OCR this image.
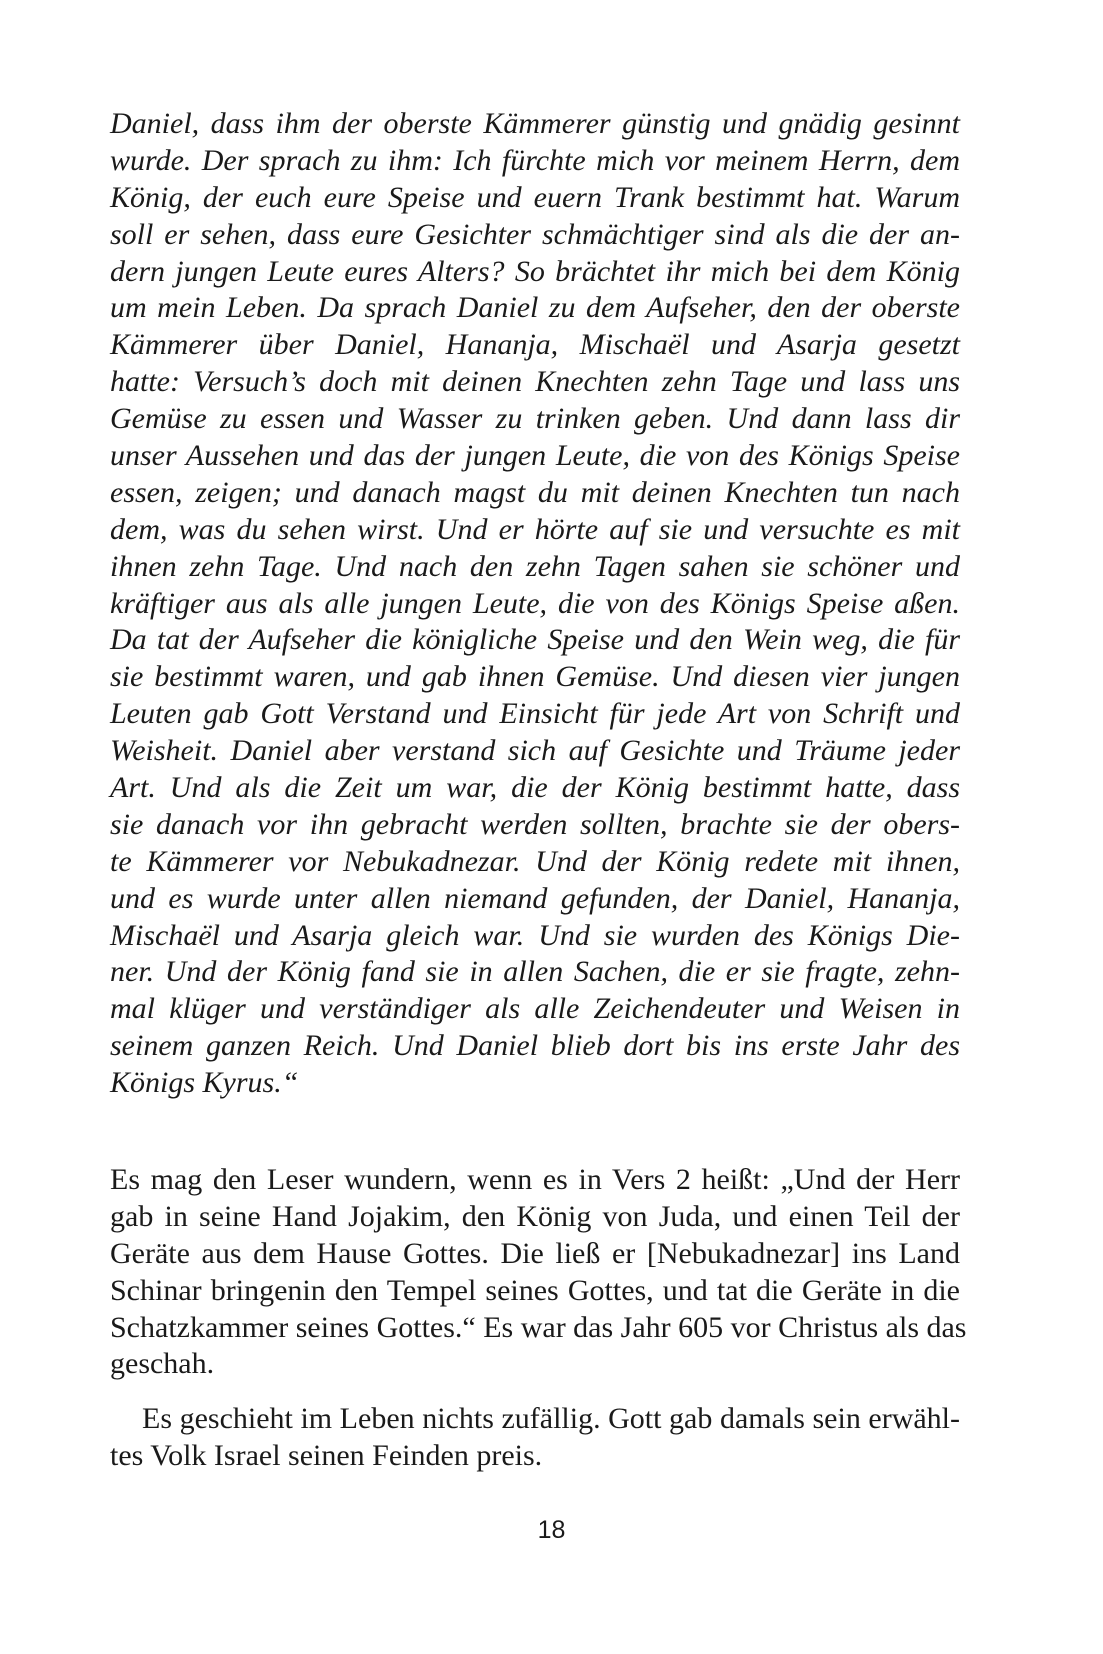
Daniel, dass ihm der oberste Kämmerer günstig und gnädig gesinnt
wurde. Der sprach zu ihm: Ich fürchte mich vor meinem Herrn, dem
König, der euch eure Speise und euern Trank bestimmt hat. Warum
soll er sehen, dass eure Gesichter schmächtiger sind als die der an-
dern jungen Leute eures Alters? So brächtet ihr mich bei dem König
um mein Leben. Da sprach Daniel zu dem Aufseher, den der oberste
Kämmerer über Daniel, Hananja, Mischaël und Asarja gesetzt
hatte: Versuch’s doch mit deinen Knechten zehn Tage und lass uns
Gemüse zu essen und Wasser zu trinken geben. Und dann lass dir
unser Aussehen und das der jungen Leute, die von des Königs Speise
essen, zeigen; und danach magst du mit deinen Knechten tun nach
dem, was du sehen wirst. Und er hörte auf sie und versuchte es mit
ihnen zehn Tage. Und nach den zehn Tagen sahen sie schöner und
kräftiger aus als alle jungen Leute, die von des Königs Speise aßen.
Da tat der Aufseher die königliche Speise und den Wein weg, die für
sie bestimmt waren, und gab ihnen Gemüse. Und diesen vier jungen
Leuten gab Gott Verstand und Einsicht für jede Art von Schrift und
Weisheit. Daniel aber verstand sich auf Gesichte und Träume jeder
Art. Und als die Zeit um war, die der König bestimmt hatte, dass
sie danach vor ihn gebracht werden sollten, brachte sie der obers-
te Kämmerer vor Nebukadnezar. Und der König redete mit ihnen,
und es wurde unter allen niemand gefunden, der Daniel, Hananja,
Mischaël und Asarja gleich war. Und sie wurden des Königs Die-
ner. Und der König fand sie in allen Sachen, die er sie fragte, zehn-
mal klüger und verständiger als alle Zeichendeuter und Weisen in
seinem ganzen Reich. Und Daniel blieb dort bis ins erste Jahr des
Königs Kyrus.“
Es mag den Leser wundern, wenn es in Vers 2 heißt: „Und der Herr
gab in seine Hand Jojakim, den König von Juda, und einen Teil der
Geräte aus dem Hause Gottes. Die ließ er [Nebukadnezar] ins Land
Schinar bringenin den Tempel seines Gottes, und tat die Geräte in die
Schatzkammer seines Gottes.“ Es war das Jahr 605 vor Christus als das
geschah.
Es geschieht im Leben nichts zufällig. Gott gab damals sein erwähl-
tes Volk Israel seinen Feinden preis.
18
